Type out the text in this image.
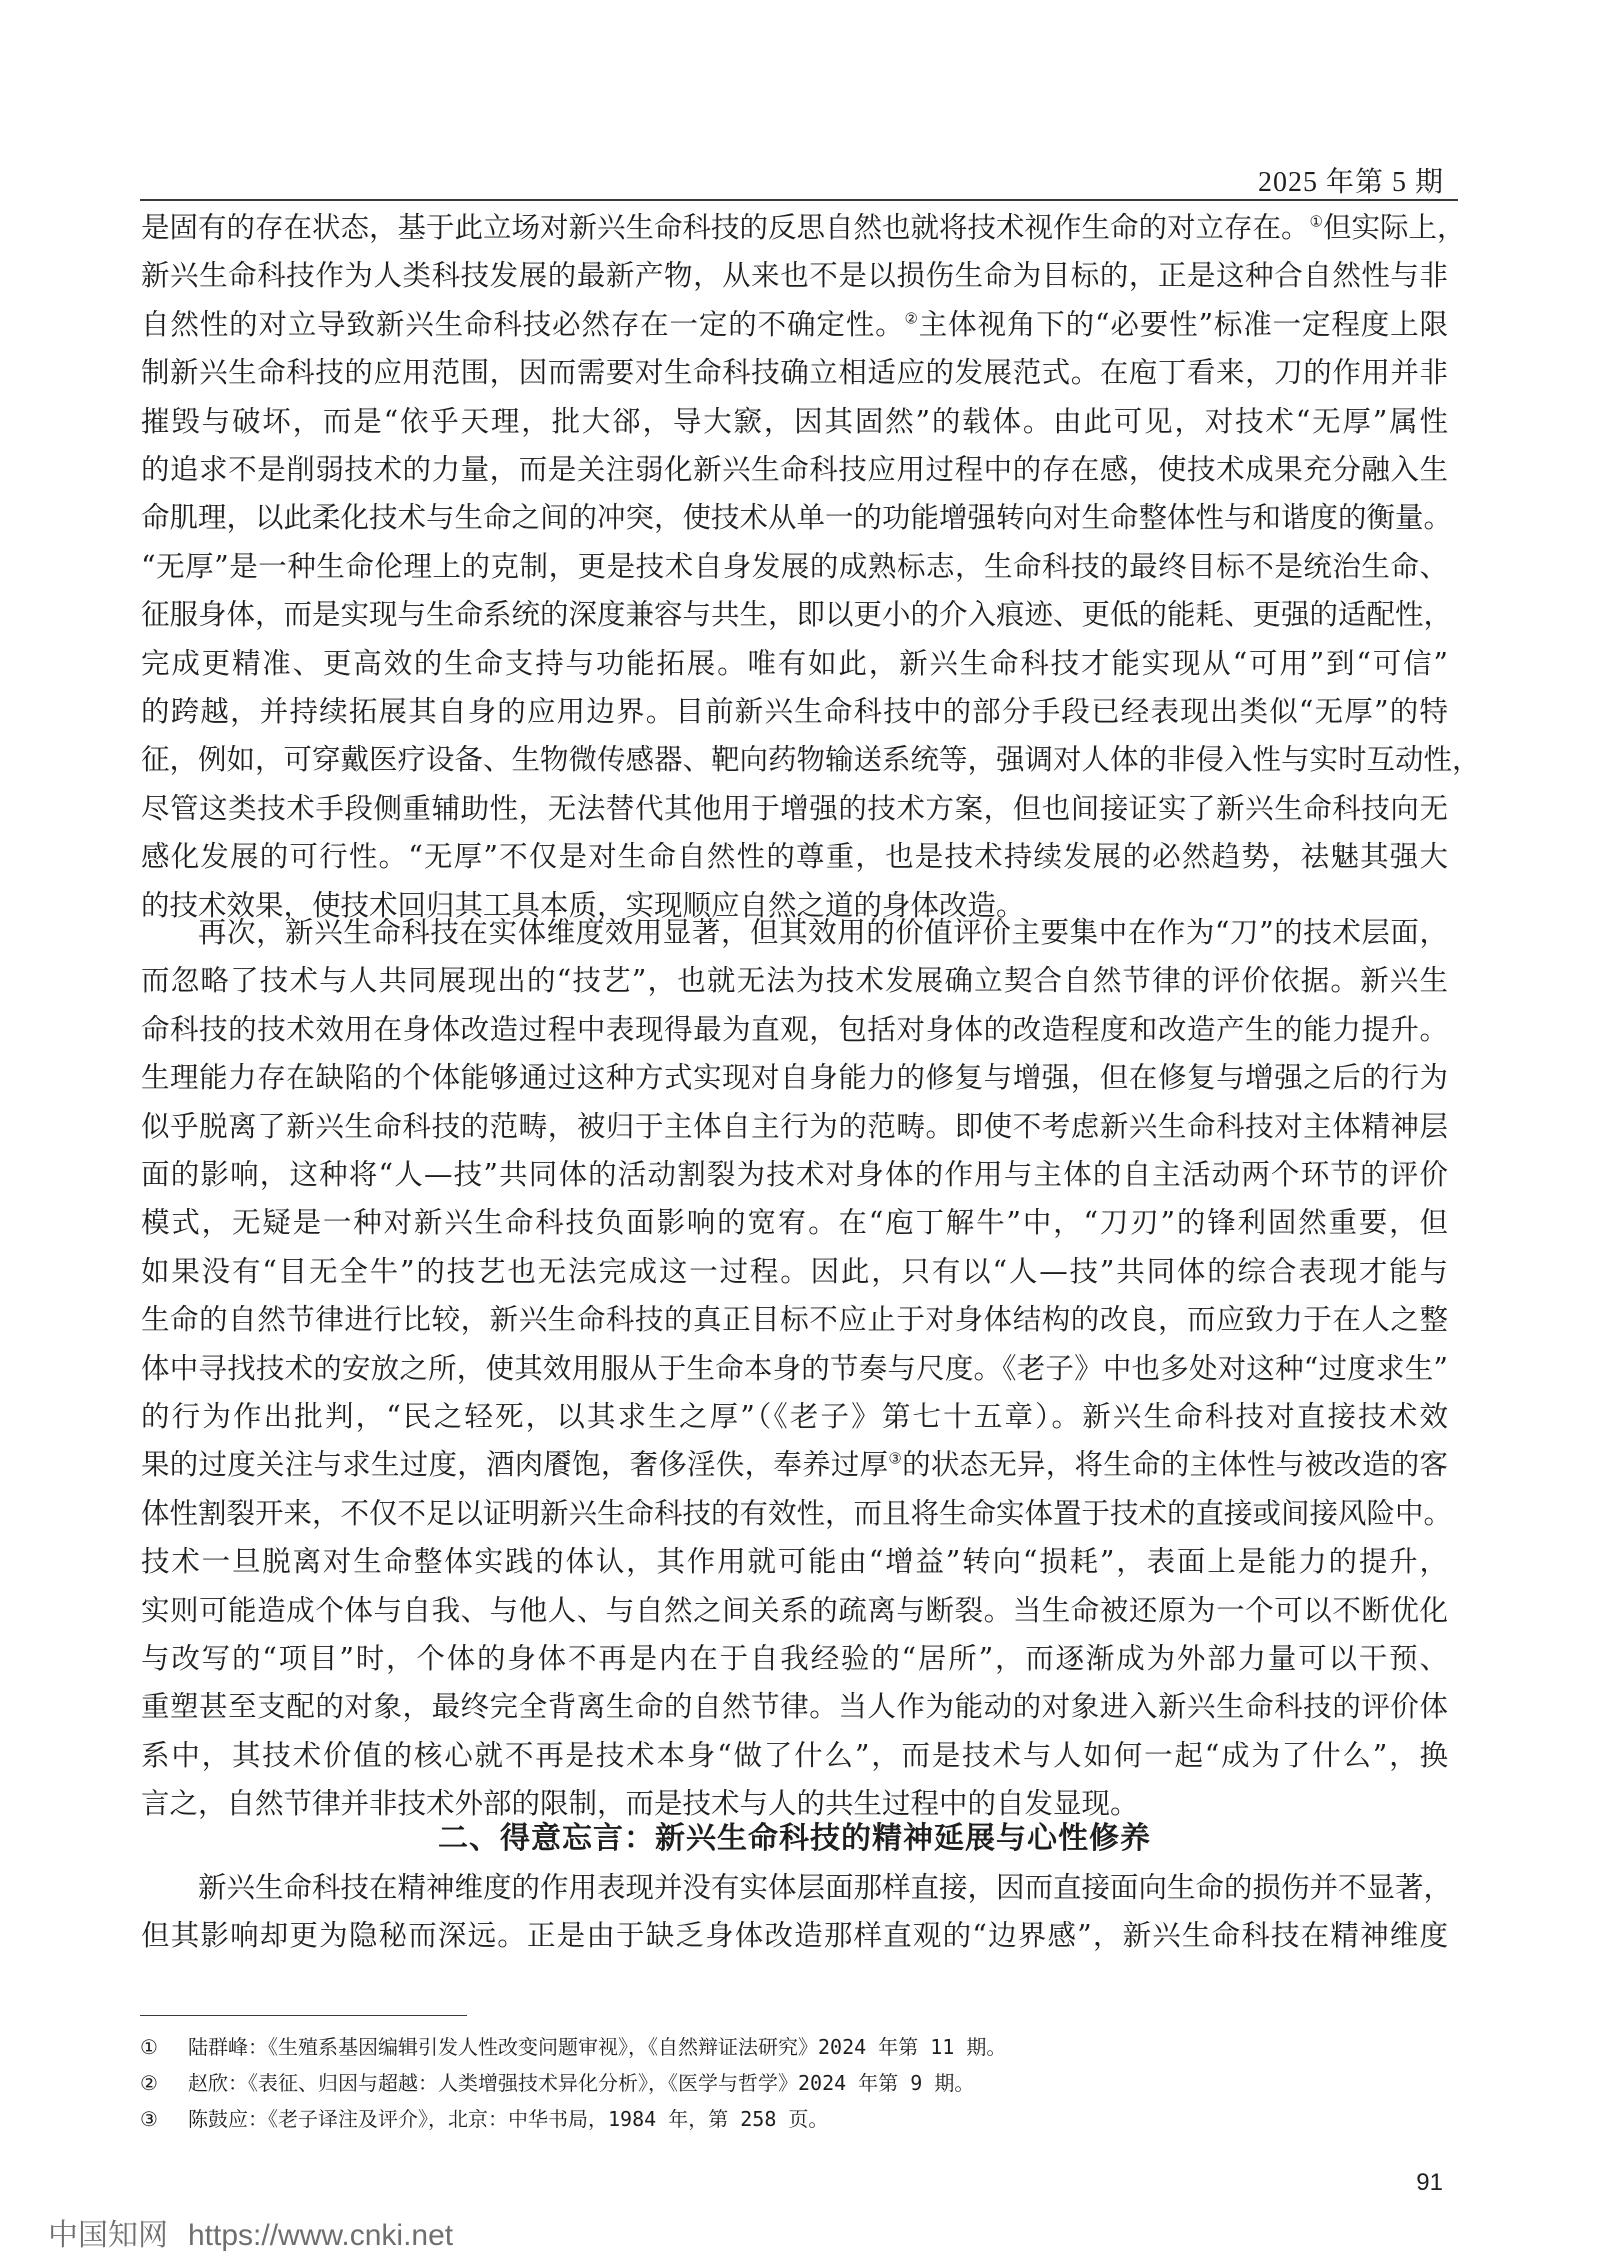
2025 年第 5 期
是固有的存在状态，基于此立场对新兴生命科技的反思自然也就将技术视作生命的对立存在。①但实际上，
新兴生命科技作为人类科技发展的最新产物，从来也不是以损伤生命为目标的，正是这种合自然性与非
自然性的对立导致新兴生命科技必然存在一定的不确定性。②主体视角下的“必要性”标准一定程度上限
制新兴生命科技的应用范围，因而需要对生命科技确立相适应的发展范式。在庖丁看来，刀的作用并非
摧毁与破坏，而是“依乎天理，批大郤，导大窾，因其固然”的载体。由此可见，对技术“无厚”属性
的追求不是削弱技术的力量，而是关注弱化新兴生命科技应用过程中的存在感，使技术成果充分融入生
命肌理，以此柔化技术与生命之间的冲突，使技术从单一的功能增强转向对生命整体性与和谐度的衡量。
“无厚”是一种生命伦理上的克制，更是技术自身发展的成熟标志，生命科技的最终目标不是统治生命、
征服身体，而是实现与生命系统的深度兼容与共生，即以更小的介入痕迹、更低的能耗、更强的适配性，
完成更精准、更高效的生命支持与功能拓展。唯有如此，新兴生命科技才能实现从“可用”到“可信”
的跨越，并持续拓展其自身的应用边界。目前新兴生命科技中的部分手段已经表现出类似“无厚”的特
征，例如，可穿戴医疗设备、生物微传感器、靶向药物输送系统等，强调对人体的非侵入性与实时互动性，
尽管这类技术手段侧重辅助性，无法替代其他用于增强的技术方案，但也间接证实了新兴生命科技向无
感化发展的可行性。“无厚”不仅是对生命自然性的尊重，也是技术持续发展的必然趋势，祛魅其强大
的技术效果，使技术回归其工具本质，实现顺应自然之道的身体改造。
再次，新兴生命科技在实体维度效用显著，但其效用的价值评价主要集中在作为“刀”的技术层面，
而忽略了技术与人共同展现出的“技艺”，也就无法为技术发展确立契合自然节律的评价依据。新兴生
命科技的技术效用在身体改造过程中表现得最为直观，包括对身体的改造程度和改造产生的能力提升。
生理能力存在缺陷的个体能够通过这种方式实现对自身能力的修复与增强，但在修复与增强之后的行为
似乎脱离了新兴生命科技的范畴，被归于主体自主行为的范畴。即使不考虑新兴生命科技对主体精神层
面的影响，这种将“人—技”共同体的活动割裂为技术对身体的作用与主体的自主活动两个环节的评价
模式，无疑是一种对新兴生命科技负面影响的宽宥。在“庖丁解牛”中，“刀刃”的锋利固然重要，但
如果没有“目无全牛”的技艺也无法完成这一过程。因此，只有以“人—技”共同体的综合表现才能与
生命的自然节律进行比较，新兴生命科技的真正目标不应止于对身体结构的改良，而应致力于在人之整
体中寻找技术的安放之所，使其效用服从于生命本身的节奏与尺度。《老子》中也多处对这种“过度求生”
的行为作出批判，“民之轻死，以其求生之厚”（《老子》第七十五章）。新兴生命科技对直接技术效
果的过度关注与求生过度，酒肉餍饱，奢侈淫佚，奉养过厚③的状态无异，将生命的主体性与被改造的客
体性割裂开来，不仅不足以证明新兴生命科技的有效性，而且将生命实体置于技术的直接或间接风险中。
技术一旦脱离对生命整体实践的体认，其作用就可能由“增益”转向“损耗”，表面上是能力的提升，
实则可能造成个体与自我、与他人、与自然之间关系的疏离与断裂。当生命被还原为一个可以不断优化
与改写的“项目”时，个体的身体不再是内在于自我经验的“居所”，而逐渐成为外部力量可以干预、
重塑甚至支配的对象，最终完全背离生命的自然节律。当人作为能动的对象进入新兴生命科技的评价体
系中，其技术价值的核心就不再是技术本身“做了什么”，而是技术与人如何一起“成为了什么”，换
言之，自然节律并非技术外部的限制，而是技术与人的共生过程中的自发显现。
二、得意忘言：新兴生命科技的精神延展与心性修养
新兴生命科技在精神维度的作用表现并没有实体层面那样直接，因而直接面向生命的损伤并不显著，
但其影响却更为隐秘而深远。正是由于缺乏身体改造那样直观的“边界感”，新兴生命科技在精神维度
① 陆群峰：《生殖系基因编辑引发人性改变问题审视》，《自然辩证法研究》2024 年第 11 期。
② 赵欣：《表征、归因与超越：人类增强技术异化分析》，《医学与哲学》2024 年第 9 期。
③ 陈鼓应：《老子译注及评介》，北京：中华书局，1984 年，第 258 页。
91
中国知网 https://www.cnki.net
